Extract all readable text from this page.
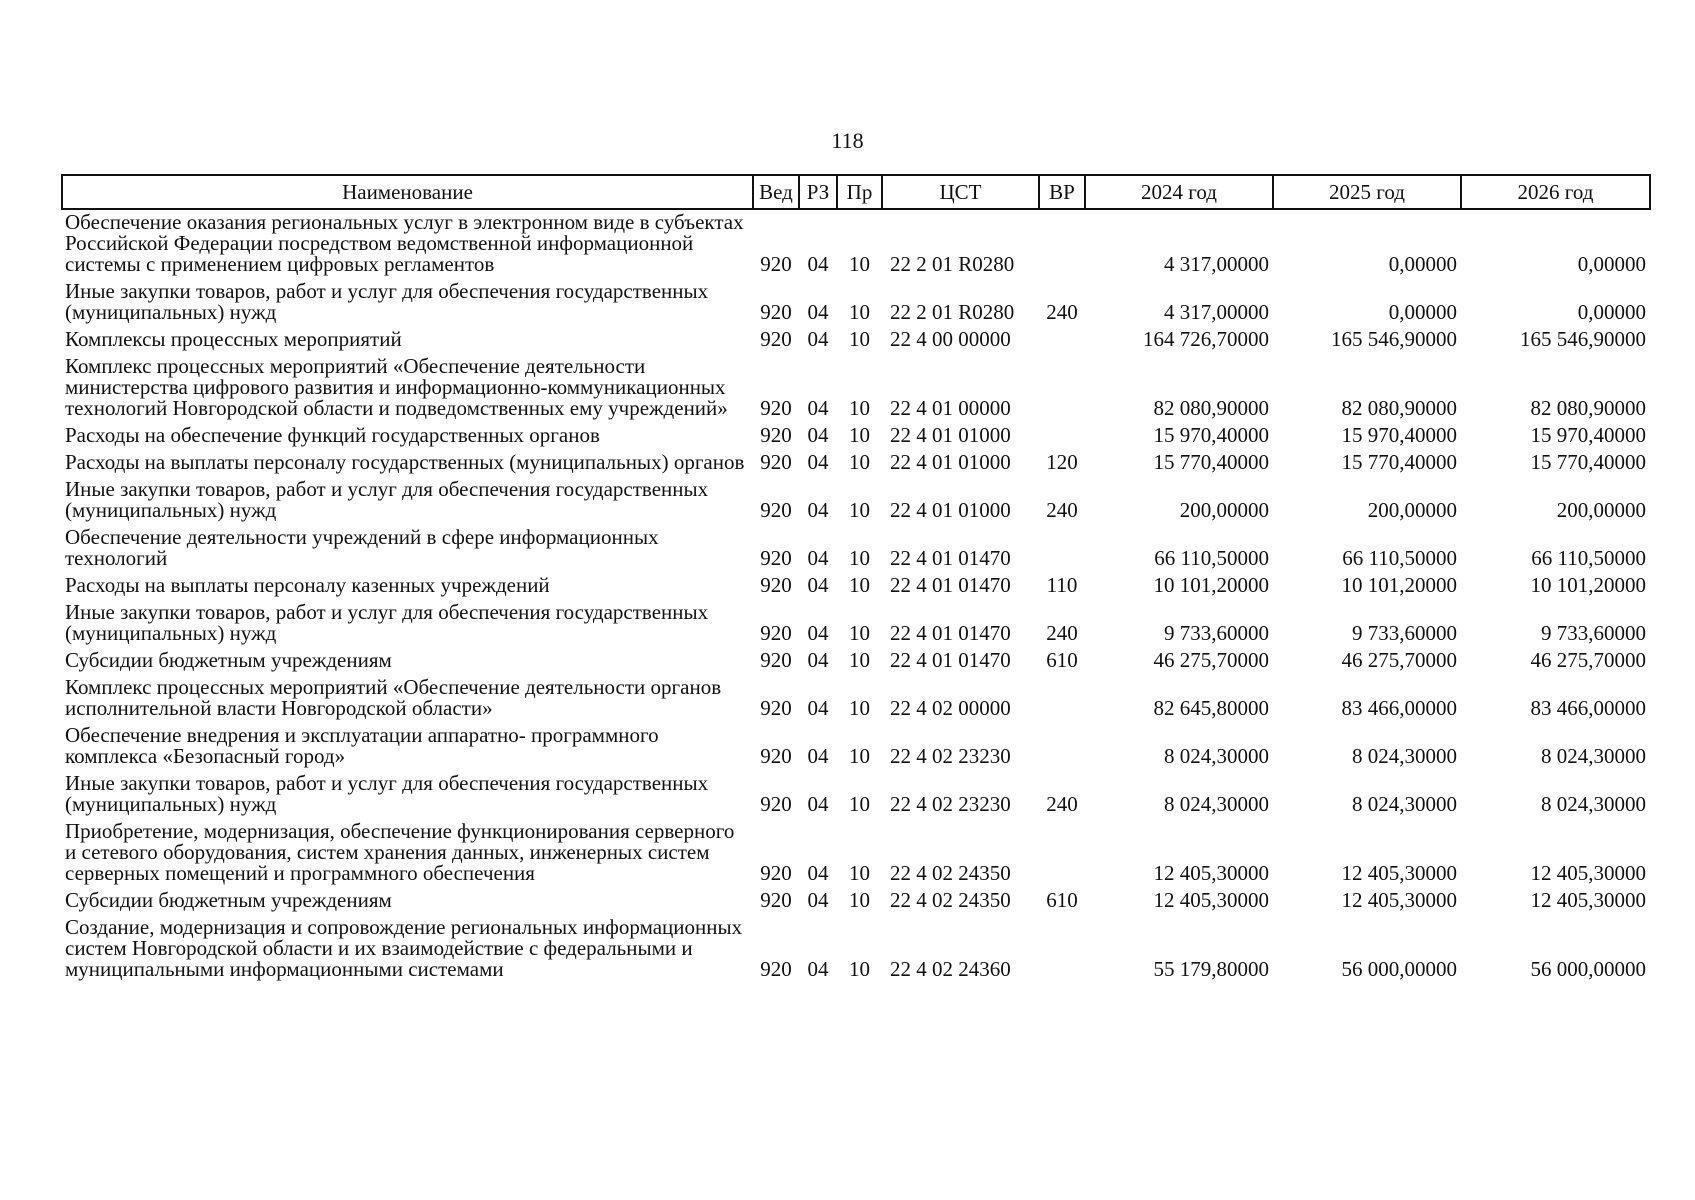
118
Наименование	Вед	РЗ	Пр	ЦСТ	ВР	2024 год	2025 год	2026 год
Обеспечение оказания региональных услуг в электронном виде в субъектах Российской Федерации посредством ведомственной информационной системы с применением цифровых регламентов	920	04	10	22 2 01 R0280		4 317,00000	0,00000	0,00000
Иные закупки товаров, работ и услуг для обеспечения государственных (муниципальных) нужд	920	04	10	22 2 01 R0280	240	4 317,00000	0,00000	0,00000
Комплексы процессных мероприятий	920	04	10	22 4 00 00000		164 726,70000	165 546,90000	165 546,90000
Комплекс процессных мероприятий «Обеспечение деятельности министерства цифрового развития и информационно-коммуникационных технологий Новгородской области и подведомственных ему учреждений»	920	04	10	22 4 01 00000		82 080,90000	82 080,90000	82 080,90000
Расходы на обеспечение функций государственных органов	920	04	10	22 4 01 01000		15 970,40000	15 970,40000	15 970,40000
Расходы на выплаты персоналу государственных (муниципальных) органов	920	04	10	22 4 01 01000	120	15 770,40000	15 770,40000	15 770,40000
Иные закупки товаров, работ и услуг для обеспечения государственных (муниципальных) нужд	920	04	10	22 4 01 01000	240	200,00000	200,00000	200,00000
Обеспечение деятельности учреждений в сфере информационных технологий	920	04	10	22 4 01 01470		66 110,50000	66 110,50000	66 110,50000
Расходы на выплаты персоналу казенных учреждений	920	04	10	22 4 01 01470	110	10 101,20000	10 101,20000	10 101,20000
Иные закупки товаров, работ и услуг для обеспечения государственных (муниципальных) нужд	920	04	10	22 4 01 01470	240	9 733,60000	9 733,60000	9 733,60000
Субсидии бюджетным учреждениям	920	04	10	22 4 01 01470	610	46 275,70000	46 275,70000	46 275,70000
Комплекс процессных мероприятий «Обеспечение деятельности органов исполнительной власти Новгородской области»	920	04	10	22 4 02 00000		82 645,80000	83 466,00000	83 466,00000
Обеспечение внедрения и эксплуатации аппаратно- программного комплекса «Безопасный город»	920	04	10	22 4 02 23230		8 024,30000	8 024,30000	8 024,30000
Иные закупки товаров, работ и услуг для обеспечения государственных (муниципальных) нужд	920	04	10	22 4 02 23230	240	8 024,30000	8 024,30000	8 024,30000
Приобретение, модернизация, обеспечение функционирования серверного и сетевого оборудования, систем хранения данных, инженерных систем серверных помещений и программного обеспечения	920	04	10	22 4 02 24350		12 405,30000	12 405,30000	12 405,30000
Субсидии бюджетным учреждениям	920	04	10	22 4 02 24350	610	12 405,30000	12 405,30000	12 405,30000
Создание, модернизация и сопровождение региональных информационных систем Новгородской области и их взаимодействие с федеральными и муниципальными информационными системами	920	04	10	22 4 02 24360		55 179,80000	56 000,00000	56 000,00000
